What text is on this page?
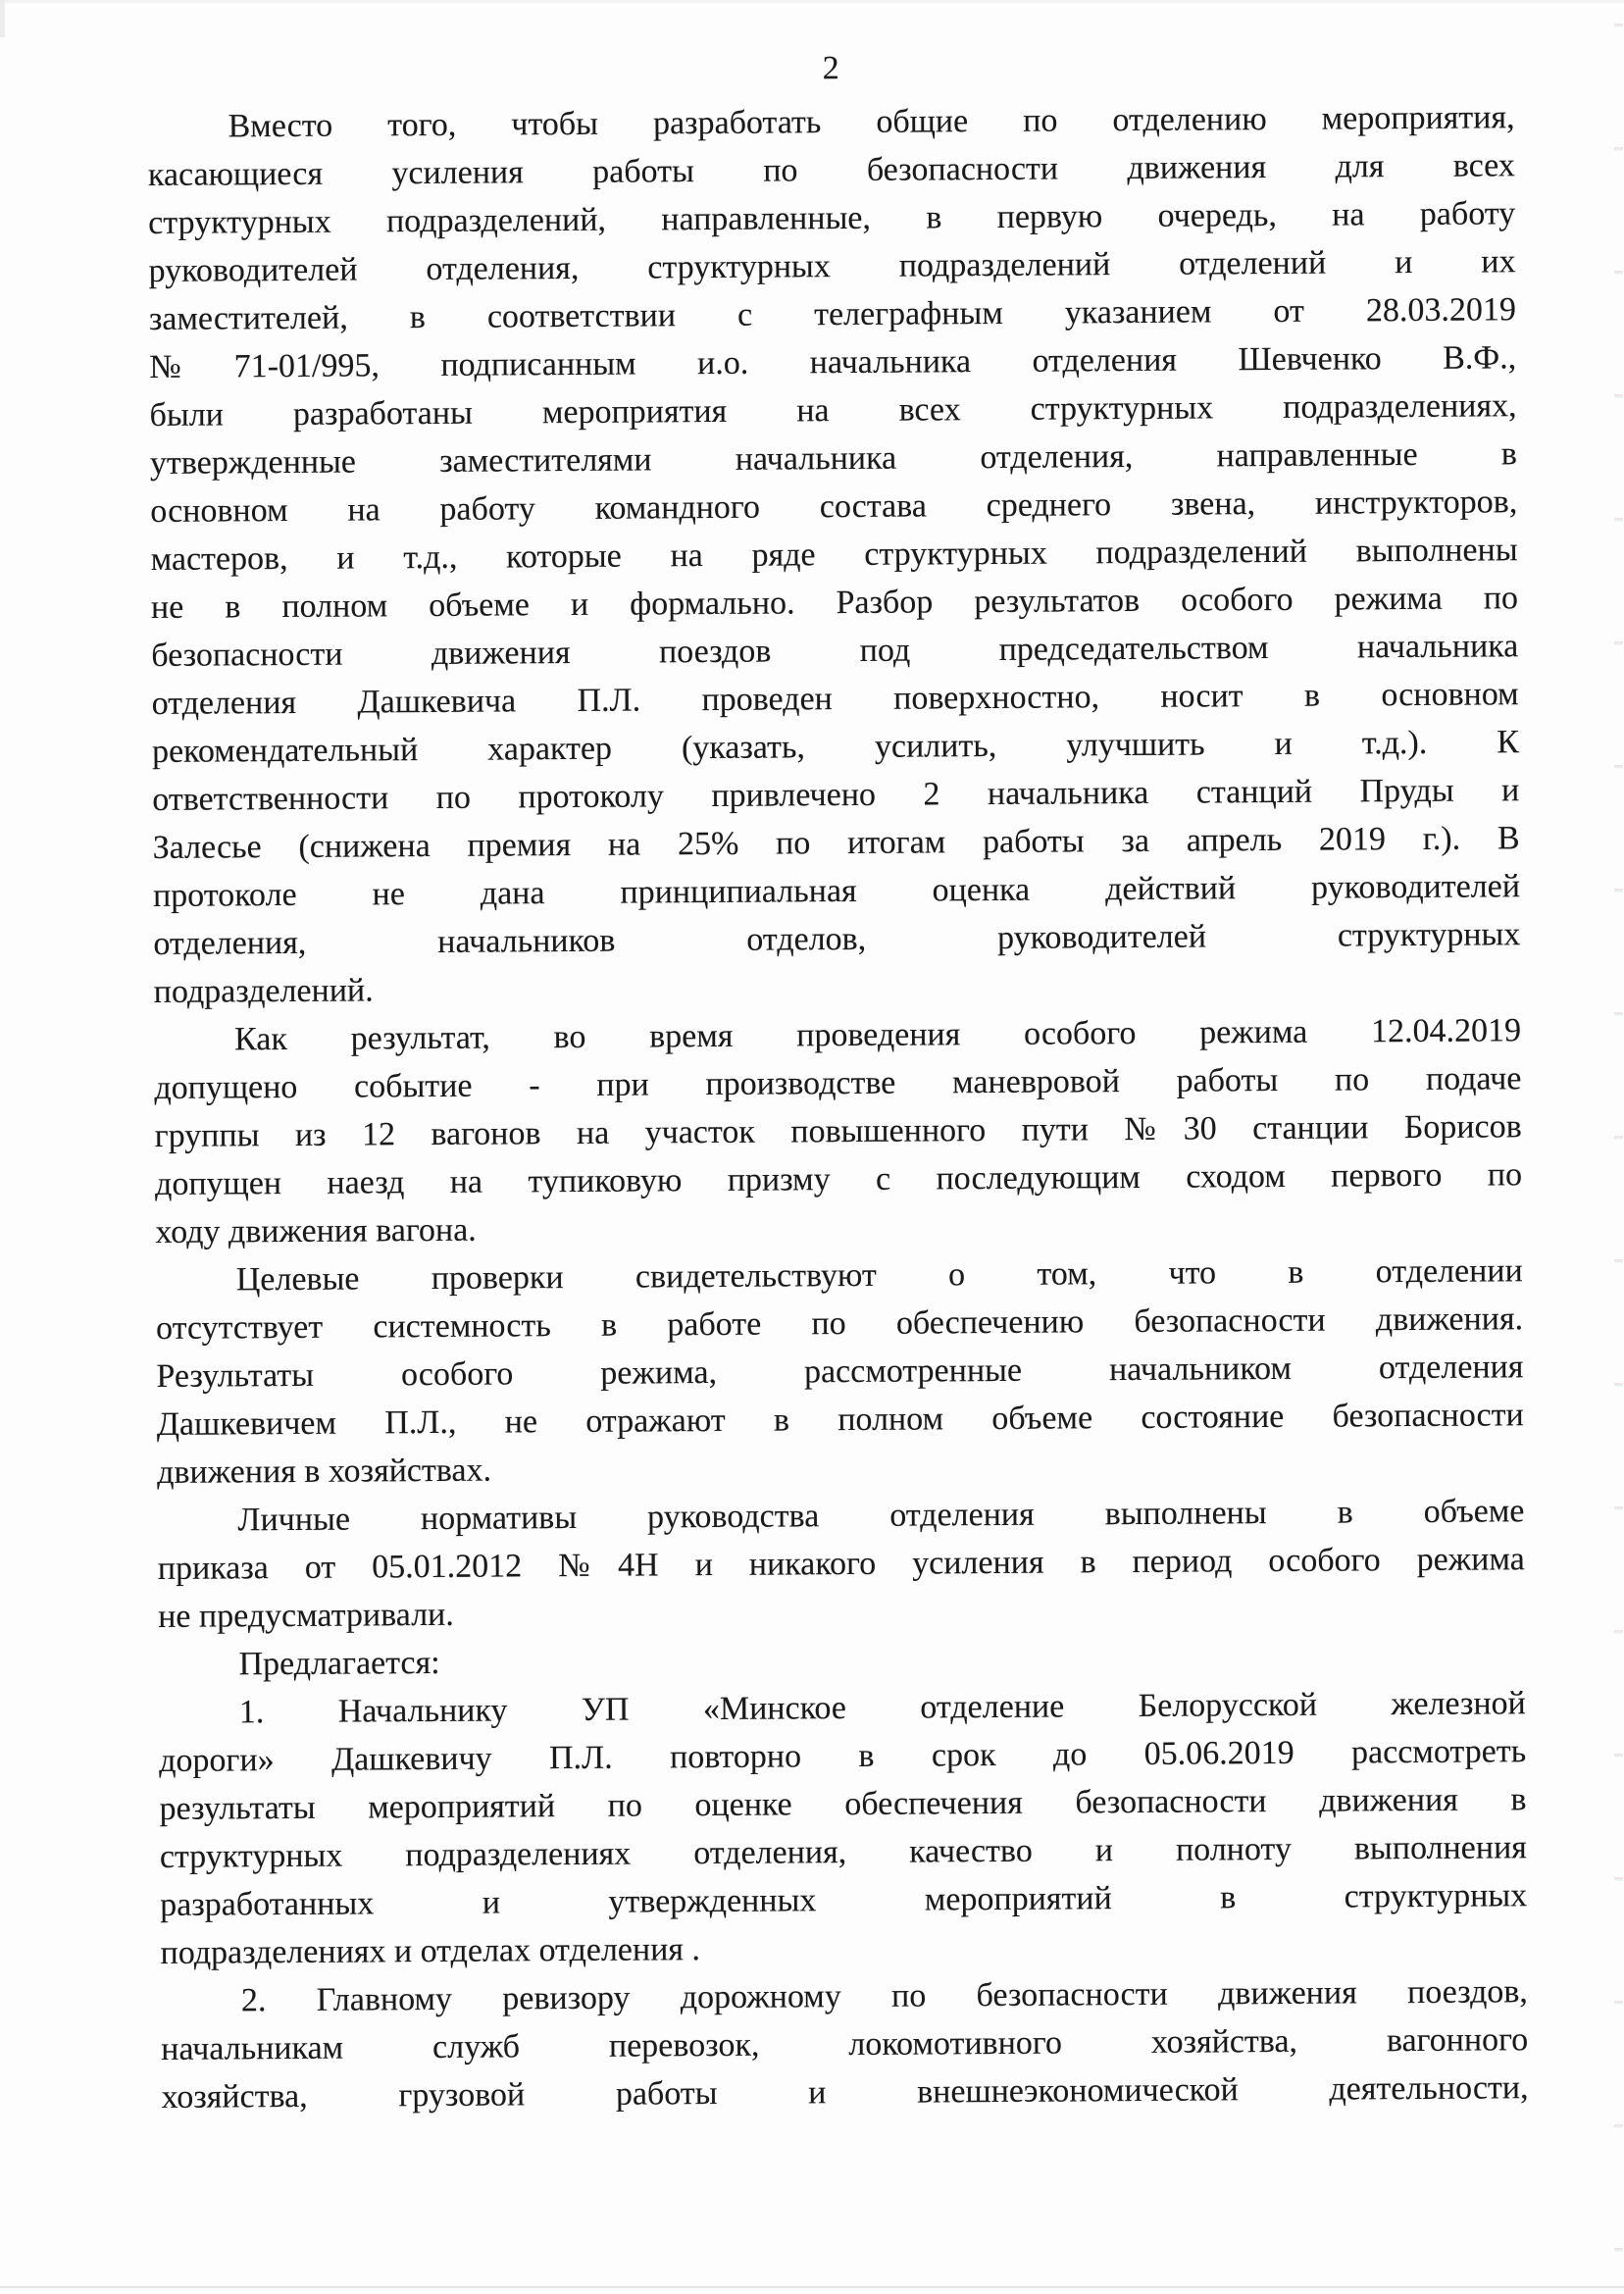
2
Вместо того, чтобы разработать общие по отделению мероприятия,
касающиеся усиления работы по безопасности движения для всех
структурных подразделений, направленные, в первую очередь, на работу
руководителей отделения, структурных подразделений отделений и их
заместителей, в соответствии с телеграфным указанием от 28.03.2019
№71-01/995, подписанным и.о. начальника отделения Шевченко В.Ф.,
были разработаны мероприятия на всех структурных подразделениях,
утвержденные заместителями начальника отделения, направленные в
основном на работу командного состава среднего звена, инструкторов,
мастеров, и т.д., которые на ряде структурных подразделений выполнены
не в полном объеме и формально. Разбор результатов особого режима по
безопасности движения поездов под председательством начальника
отделения Дашкевича П.Л. проведен поверхностно, носит в основном
рекомендательный характер (указать, усилить, улучшить и т.д.). К
ответственности по протоколу привлечено 2 начальника станций Пруды и
Залесье (снижена премия на 25% по итогам работы за апрель 2019 г.). В
протоколе не дана принципиальная оценка действий руководителей
отделения, начальников отделов, руководителей структурных
подразделений.
Как результат, во время проведения особого режима 12.04.2019
допущено событие - при производстве маневровой работы по подаче
группы из 12 вагонов на участок повышенного пути №30 станции Борисов
допущен наезд на тупиковую призму с последующим сходом первого по
ходу движения вагона.
Целевые проверки свидетельствуют о том, что в отделении
отсутствует системность в работе по обеспечению безопасности движения.
Результаты особого режима, рассмотренные начальником отделения
Дашкевичем П.Л., не отражают в полном объеме состояние безопасности
движения в хозяйствах.
Личные нормативы руководства отделения выполнены в объеме
приказа от 05.01.2012 №4Н и никакого усиления в период особого режима
не предусматривали.
Предлагается:
1. Начальнику УП «Минское отделение Белорусской железной
дороги» Дашкевичу П.Л. повторно в срок до 05.06.2019 рассмотреть
результаты мероприятий по оценке обеспечения безопасности движения в
структурных подразделениях отделения, качество и полноту выполнения
разработанных и утвержденных мероприятий в структурных
подразделениях и отделах отделения .
2. Главному ревизору дорожному по безопасности движения поездов,
начальникам служб перевозок, локомотивного хозяйства, вагонного
хозяйства, грузовой работы и внешнеэкономической деятельности,
